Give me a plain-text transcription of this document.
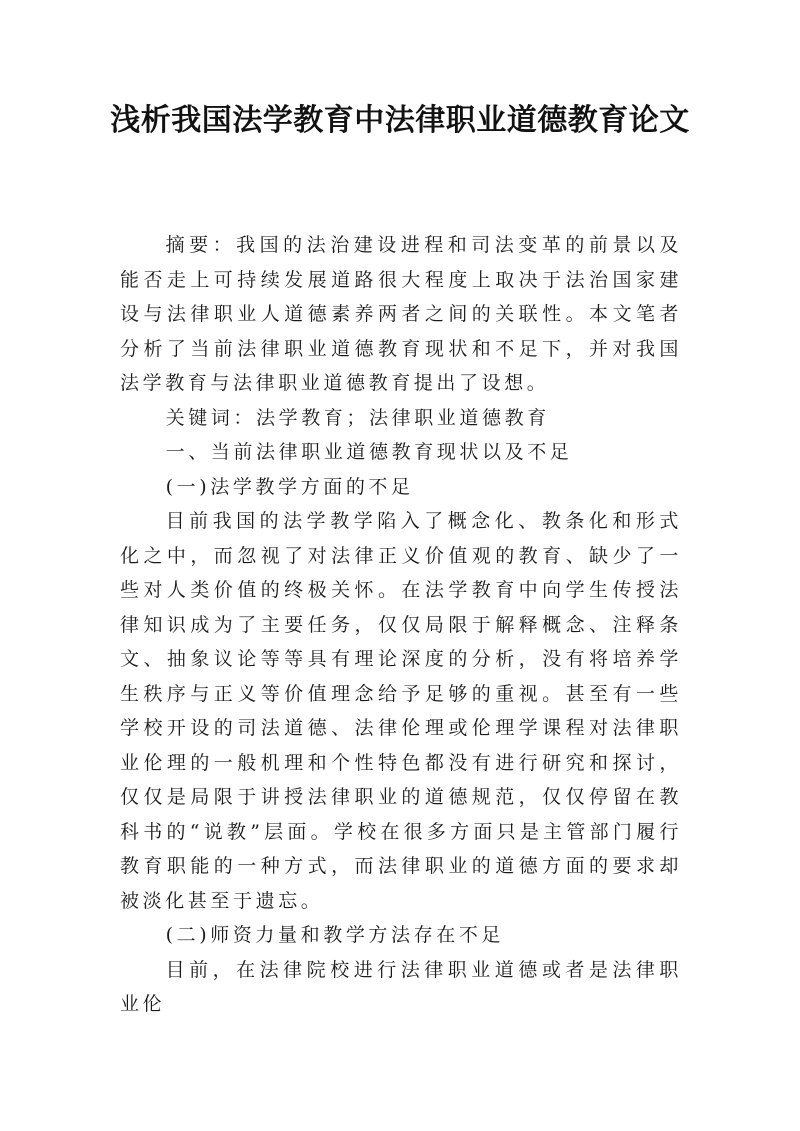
浅析我国法学教育中法律职业道德教育论文

摘要：我国的法治建设进程和司法变革的前景以及能否走上可持续发展道路很大程度上取决于法治国家建设与法律职业人道德素养两者之间的关联性。本文笔者分析了当前法律职业道德教育现状和不足下，并对我国法学教育与法律职业道德教育提出了设想。

关键词：法学教育；法律职业道德教育

一、当前法律职业道德教育现状以及不足

(一)法学教学方面的不足

目前我国的法学教学陷入了概念化、教条化和形式化之中，而忽视了对法律正义价值观的教育、缺少了一些对人类价值的终极关怀。在法学教育中向学生传授法律知识成为了主要任务，仅仅局限于解释概念、注释条文、抽象议论等等具有理论深度的分析，没有将培养学生秩序与正义等价值理念给予足够的重视。甚至有一些学校开设的司法道德、法律伦理或伦理学课程对法律职业伦理的一般机理和个性特色都没有进行研究和探讨，仅仅是局限于讲授法律职业的道德规范，仅仅停留在教科书的“说教”层面。学校在很多方面只是主管部门履行教育职能的一种方式，而法律职业的道德方面的要求却被淡化甚至于遗忘。

(二)师资力量和教学方法存在不足

目前，在法律院校进行法律职业道德或者是法律职业伦
